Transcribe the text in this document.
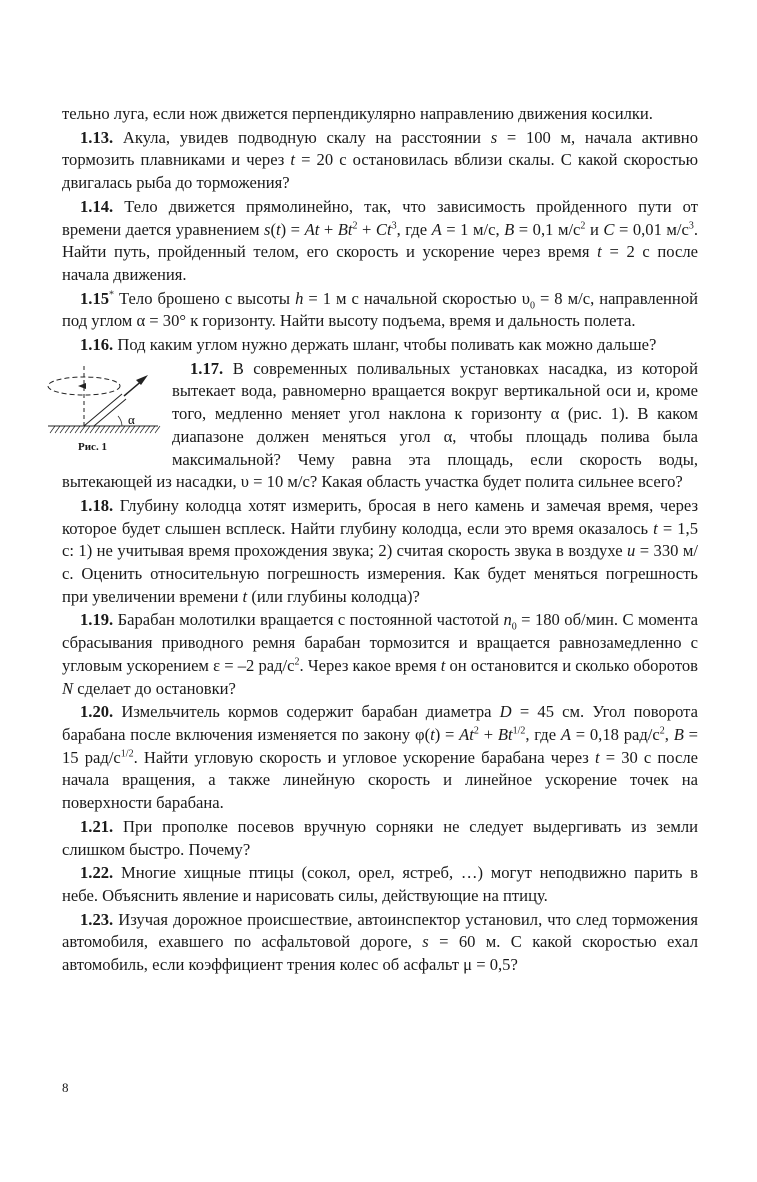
тельно луга, если нож движется перпендикулярно направлению движения косилки.

1.13. Акула, увидев подводную скалу на расстоянии s = 100 м, начала активно тормозить плавниками и через t = 20 с остановилась вблизи скалы. С какой скоростью двигалась рыба до торможения?

1.14. Тело движется прямолинейно, так, что зависимость пройденного пути от времени дается уравнением $s(t) = At + Bt^2 + Ct^3$, где A = 1 м/с, B = 0,1 $м/с^2$ и C = 0,01 $м/с^3$. Найти путь, пройденный телом, его скорость и ускорение через время t = 2 с после начала движения.

1.15* Тело брошено с высоты h = 1 м с начальной скоростью $\upsilon_0 = 8$ м/с, направленной под углом α = 30° к горизонту. Найти высоту подъема, время и дальность полета.

1.16. Под каким углом нужно держать шланг, чтобы поливать как можно дальше?

α
Рис. 1
1.17. В современных поливальных установках насадка, из которой вытекает вода, равномерно вращается вокруг вертикальной оси и, кроме того, медленно меняет угол наклона к горизонту α (рис. 1). В каком диапазоне должен меняться угол α, чтобы площадь полива была максимальной? Чему равна эта площадь, если скорость воды, вытекающей из насадки, υ = 10 м/с? Какая область участка будет полита сильнее всего?

1.18. Глубину колодца хотят измерить, бросая в него камень и замечая время, через которое будет слышен всплеск. Найти глубину колодца, если это время оказалось t = 1,5 с: 1) не учитывая время прохождения звука; 2) считая скорость звука в воздухе u = 330 м/с. Оценить относительную погрешность измерения. Как будет меняться погрешность при увеличении времени t (или глубины колодца)?

1.19. Барабан молотилки вращается с постоянной частотой $n_0 = 180$ об/мин. С момента сбрасывания приводного ремня барабан тормозится и вращается равнозамедленно с угловым ускорением ε = –2 рад/$с^2$. Через какое время t он остановится и сколько оборотов N сделает до остановки?

1.20. Измельчитель кормов содержит барабан диаметра D = 45 см. Угол поворота барабана после включения изменяется по закону $\varphi(t) = At^2 + Bt^{1/2}$, где A = 0,18 рад/$с^2$, B = 15 рад/$с^{1/2}$. Найти угловую скорость и угловое ускорение барабана через t = 30 с после начала вращения, а также линейную скорость и линейное ускорение точек на поверхности барабана.

1.21. При прополке посевов вручную сорняки не следует выдергивать из земли слишком быстро. Почему?

1.22. Многие хищные птицы (сокол, орел, ястреб, …) могут неподвижно парить в небе. Объяснить явление и нарисовать силы, действующие на птицу.

1.23. Изучая дорожное происшествие, автоинспектор установил, что след торможения автомобиля, ехавшего по асфальтовой дороге, s = 60 м. С какой скоростью ехал автомобиль, если коэффициент трения колес об асфальт μ = 0,5?

8
